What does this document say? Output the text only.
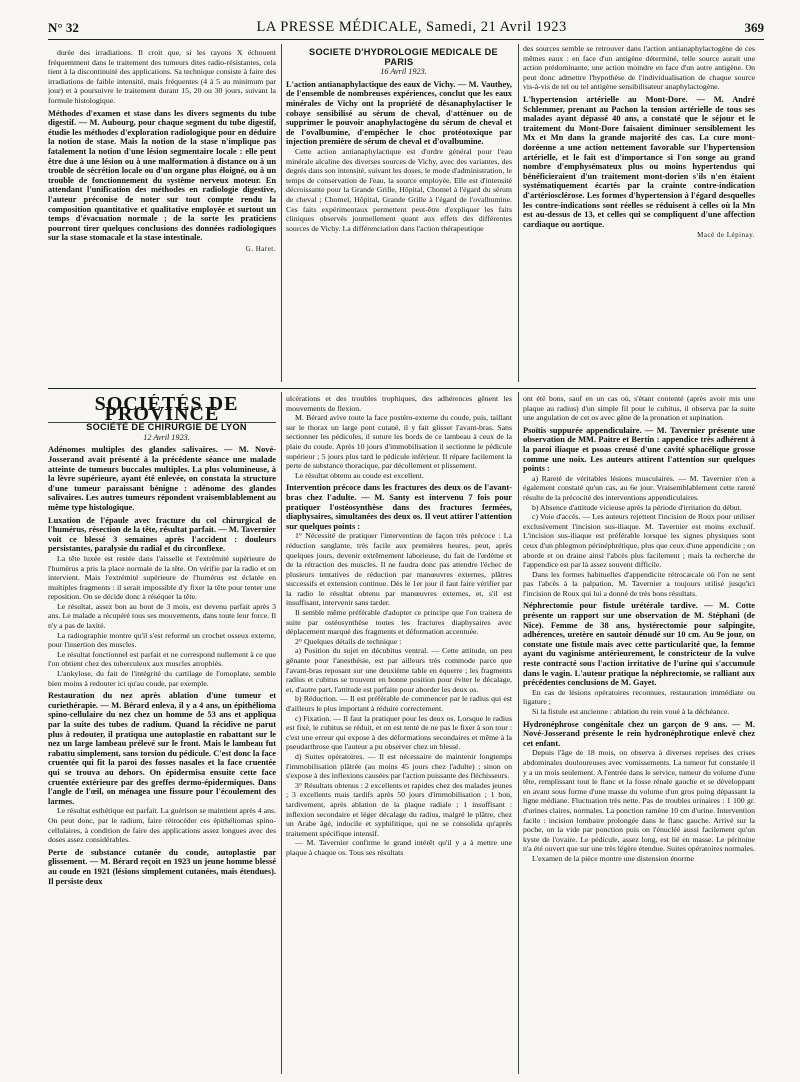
N° 32	LA PRESSE MÉDICALE, Samedi, 21 Avril 1923	369

durée des irradiations. Il croit que, si les rayons X échouent fréquemment dans le traitement des tumeurs dites radio-résistantes, cela tient à la discontinuité des applications. Sa technique consiste à faire des irradiations de faible intensité, mais fréquentes (4 à 5 au minimum par jour) et à poursuivre le traitement durant 15, 20 ou 30 jours, suivant la formule histologique.

Méthodes d'examen et stase dans les divers segments du tube digestif. — M. Aubourg, pour chaque segment du tube digestif, étudie les méthodes d'exploration radiologique pour en déduire la notion de stase. Mais la notion de la stase n'implique pas fatalement la notion d'une lésion segmentaire locale : elle peut être due à une lésion ou à une malformation à distance ou à un trouble de sécrétion locale ou d'un organe plus éloigné, ou à un trouble de fonctionnement du système nerveux moteur. En attendant l'unification des méthodes en radiologie digestive, l'auteur préconise de noter sur tout compte rendu la composition quantitative et qualitative employée et surtout un temps d'évacuation normale ; de la sorte les praticiens pourront tirer quelques conclusions des données radiologiques sur la stase stomacale et la stase intestinale.

G. Haret.

SOCIÉTÉ D'HYDROLOGIE MÉDICALE DE PARIS

16 Avril 1923.

L'action antianaphylactique des eaux de Vichy. — M. Vauthey, de l'ensemble de nombreuses expériences, conclut que les eaux minérales de Vichy ont la propriété de désanaphylactiser le cobaye sensibilisé au sérum de cheval, d'atténuer ou de supprimer le pouvoir anaphylactogène du sérum de cheval et de l'ovalbumine, d'empêcher le choc protéotoxique par injection première de sérum de cheval et d'ovalbumine.

Cette action antianaphylactique est d'ordre général pour l'eau minérale alcaline des diverses sources de Vichy, avec des variantes, des degrés dans son intensité, suivant les doses, le mode d'administration, le temps de conservation de l'eau, la source employée. Elle est d'intensité décroissante pour la Grande Grille, Hôpital, Chomel à l'égard du sérum de cheval ; Chomel, Hôpital, Grande Grille à l'égard de l'ovalbumine. Ces faits expérimentaux permettent peut-être d'expliquer les faits cliniques observés journellement quant aux effets des différentes sources de Vichy. La différenciation dans l'action thérapeutique

des sources semble se retrouver dans l'action antianaphylactogène de ces mêmes eaux : en face d'un antigène déterminé, telle source aurait une action prédominante, une action moindre en face d'un autre antigène. On peut donc admettre l'hypothèse de l'individualisation de chaque source vis-à-vis de tel ou tel antigène sensibilisateur anaphylactogène.

L'hypertension artérielle au Mont-Dore. — M. André Schlemmer, prenant au Pachon la tension artérielle de tous ses malades ayant dépassé 40 ans, a constaté que le séjour et le traitement du Mont-Dore faisaient diminuer sensiblement les Mx et Mn dans la grande majorité des cas. La cure mont-doréenne a une action nettement favorable sur l'hypertension artérielle, et le fait est d'importance si l'on songe au grand nombre d'emphysémateux plus ou moins hypertendus qui bénéficieraient d'un traitement mont-dorien s'ils n'en étaient systématiquement écartés par la crainte contre-indication d'artériosclérose. Les formes d'hypertension à l'égard desquelles les contre-indications sont réelles se réduisent à celles où la Mn est au-dessus de 13, et celles qui se compliquent d'une affection cardiaque ou aortique.

Macé de Lépinay.

SOCIÉTÉS DE PROVINCE

SOCIÉTÉ DE CHIRURGIE DE LYON

12 Avril 1923.

Adénomes multiples des glandes salivaires. — M. Nové-Josserand avait présenté à la précédente séance une malade atteinte de tumeurs buccales multiples. La plus volumineuse, à la lèvre supérieure, ayant été enlevée, on constata la structure d'une tumeur paraissant bénigne : adénome des glandes salivaires. Les autres tumeurs répondent vraisemblablement au même type histologique.

Luxation de l'épaule avec fracture du col chirurgical de l'humérus, résection de la tête, résultat parfait. — M. Tavernier voit ce blessé 3 semaines après l'accident : douleurs persistantes, paralysie du radial et du circonflexe.

La tête luxée est restée dans l'aisselle et l'extrémité supérieure de l'humérus a pris la place normale de la tête. On vérifie par la radio et on intervient. Mais l'extrémité supérieure de l'humérus est éclatée en multiples fragments : il serait impossible d'y fixer la tête pour tenter une reposition. On se décide donc à réséquer la tête.

Le résultat, assez bon au bout de 3 mois, est devenu parfait après 3 ans. Le malade a récupéré tous ses mouvements, dans toute leur force. Il n'y a pas de laxité.

La radiographie montre qu'il s'est reformé un crochet osseux externe, pour l'insertion des muscles.

Le résultat fonctionnel est parfait et ne correspond nullement à ce que l'on obtient chez des tuberculeux aux muscles atrophiés.

L'ankylose, du fait de l'intégrité du cartilage de l'omoplate, semble bien moins à redouter ici qu'au coude, par exemple.

Restauration du nez après ablation d'une tumeur et curiethérapie. — M. Bérard enleva, il y a 4 ans, un épithélioma spino-cellulaire du nez chez un homme de 53 ans et appliqua par la suite des tubes de radium. Quand la récidive ne parut plus à redouter, il pratiqua une autoplastie en rabattant sur le nez un large lambeau prélevé sur le front. Mais le lambeau fut rabattu simplement, sans torsion du pédicule. C'est donc la face cruentée qui fit la paroi des fosses nasales et la face cruentée qui se trouva au dehors. On épidermisa ensuite cette face cruentée extérieure par des greffes dermo-épidermiques. Dans l'angle de l'œil, on ménagea une fissure pour l'écoulement des larmes.

Le résultat esthétique est parfait. La guérison se maintient après 4 ans. On peut donc, par le radium, faire rétrocéder ces épithéliomas spino-cellulaires, à condition de faire des applications assez longues avec des doses assez considérables.

Perte de substance cutanée du coude, autoplastie par glissement. — M. Bérard reçoit en 1923 un jeune homme blessé au coude en 1921 (lésions simplement cutanées, mais étendues). Il persiste deux

ulcérations et des troubles trophiques, des adhérences gênent les mouvements de flexion.

M. Bérard avive toute la face postéro-externe du coude, puis, taillant sur le thorax un large pont cutané, il y fait glisser l'avant-bras. Sans sectionner les pédicules, il suture les bords de ce lambeau à ceux de la plaie du coude. Après 10 jours d'immobilisation il sectionne le pédicule supérieur ; 5 jours plus tard le pédicule inférieur. Il répare facilement la perte de substance thoracique, par décollement et plissement.

Le résultat obtenu au coude est excellent.

Intervention précoce dans les fractures des deux os de l'avant-bras chez l'adulte. — M. Santy est intervenu 7 fois pour pratiquer l'ostéosynthèse dans des fractures fermées, diaphysaires, simultanées des deux os. Il veut attirer l'attention sur quelques points :

1° Nécessité de pratiquer l'intervention de façon très précoce : La réduction sanglante, très facile aux premières heures, peut, après quelques jours, devenir extrêmement laborieuse, du fait de l'œdème et de la rétraction des muscles. Il ne faudra donc pas attendre l'échec de plusieurs tentatives de réduction par manœuvres externes, plâtres successifs et extension continue. Dès le 1er jour il faut faire vérifier par la radio le résultat obtenu par manœuvres externes, et, s'il est insuffisant, intervenir sans tarder.

Il semble même préférable d'adopter ce principe que l'on traitera de suite par ostéosynthèse toutes les fractures diaphysaires avec déplacement marqué des fragments et déformation accentuée.

2° Quelques détails de technique :

a) Position du sujet en décubitus ventral. — Cette attitude, un peu gênante pour l'anesthésie, est par ailleurs très commode parce que l'avant-bras reposant sur une deuxième table en équerre ; les fragments radius et cubitus se trouvent en bonne position pour éviter le décalage, et, d'autre part, l'attitude est parfaite pour aborder les deux os.

b) Réduction. — Il est préférable de commencer par le radius qui est d'ailleurs le plus important à réduire correctement.

c) Fixation. — Il faut la pratiquer pour les deux os. Lorsque le radius est fixé, le cubitus se réduit, et on est tenté de ne pas le fixer à son tour : c'est une erreur qui expose à des déformations secondaires et même à la pseudarthrose que l'auteur a pu observer chez un blessé.

d) Suites opératoires. — Il est nécessaire de maintenir longtemps l'immobilisation plâtrée (au moins 45 jours chez l'adulte) ; sinon on s'expose à des inflexions causées par l'action puissante des fléchisseurs.

3° Résultats obtenus : 2 excellents et rapides chez des malades jeunes ; 3 excellents mais tardifs après 50 jours d'immobilisation ; 1 bon, tardivement, après ablation de la plaque radiale ; 1 insuffisant : inflexion secondaire et léger décalage du radius, malgré le plâtre, chez un Arabe âgé, indocile et syphilitique, qui ne se consolida qu'après traitement spécifique intensif.

— M. Tavernier confirme le grand intérêt qu'il y a à mettre une plaque à chaque os. Tous ses résultats

ont été bons, sauf en un cas où, s'étant contenté (après avoir mis une plaque au radius) d'un simple fil pour le cubitus, il observa par la suite une angulation de cet os avec gêne de la pronation et supination.

Psoïtis suppurée appendiculaire. — M. Tavernier présente une observation de MM. Paitre et Bertin : appendice très adhérent à la paroi iliaque et psoas creusé d'une cavité sphacélique grosse comme une noix. Les auteurs attirent l'attention sur quelques points :

a) Rareté de véritables lésions musculaires. — M. Tavernier n'en a également constaté qu'un cas, au 6e jour. Vraisemblablement cette rareté résulte de la précocité des interventions appendiculaires.

b) Absence d'attitude vicieuse après la période d'irritation du début.

c) Voie d'accès. — Les auteurs rejettent l'incision de Roux pour utiliser exclusivement l'incision sus-iliaque. M. Tavernier est moins exclusif. L'incision sus-iliaque est préférable lorsque les signes physiques sont ceux d'un phlegmon périnéphrétique, plus que ceux d'une appendicite ; on aborde et on draine ainsi l'abcès plus facilement ; mais la recherche de l'appendice est par là assez souvent difficile.

Dans les formes habituelles d'appendicite rétrocæcale où l'on ne sent pas l'abcès à la palpation, M. Tavernier a toujours utilisé jusqu'ici l'incision de Roux qui lui a donné de très bons résultats.

Néphrectomie pour fistule urétérale tardive. — M. Cotte présente un rapport sur une observation de M. Stéphani (de Nice). Femme de 38 ans, hystérectomie pour salpingite, adhérences, uretère en sautoir dénudé sur 10 cm. Au 9e jour, on constate une fistule mais avec cette particularité que, la femme ayant du vaginisme antérieurement, le constricteur de la vulve reste contracté sous l'action irritative de l'urine qui s'accumule dans le vagin. L'auteur pratique la néphrectomie, se ralliant aux précédentes conclusions de M. Gayet.

En cas de lésions opératoires reconnues, restauration immédiate ou ligature ;

Si la fistule est ancienne : ablation du rein voué à la déchéance.

Hydronéphrose congénitale chez un garçon de 9 ans. — M. Nové-Josserand présente le rein hydronéphrotique enlevé chez cet enfant.

Depuis l'âge de 18 mois, on observa à diverses reprises des crises abdominales douloureuses avec vomissements. La tumeur fut constatée il y a un mois seulement. A l'entrée dans le service, tumeur du volume d'une tête, remplissant tout le flanc et la fosse rénale gauche et se développant en avant sous forme d'une masse du volume d'un gros poing dépassant la ligne médiane. Fluctuation très nette. Pas de troubles urinaires : 1 100 gr. d'urines claires, normales. La ponction ramène 10 cm d'urine. Intervention facile : incision lombaire prolongée dans le flanc gauche. Arrivé sur la poche, on la vide par ponction puis on l'énucléé aussi facilement qu'un kyste de l'ovaire. Le pédicule, assez long, est lié en masse. Le péritoine n'a été ouvert que sur une très légère étendue. Suites opératoires normales.

L'examen de la pièce montre une distension énorme
